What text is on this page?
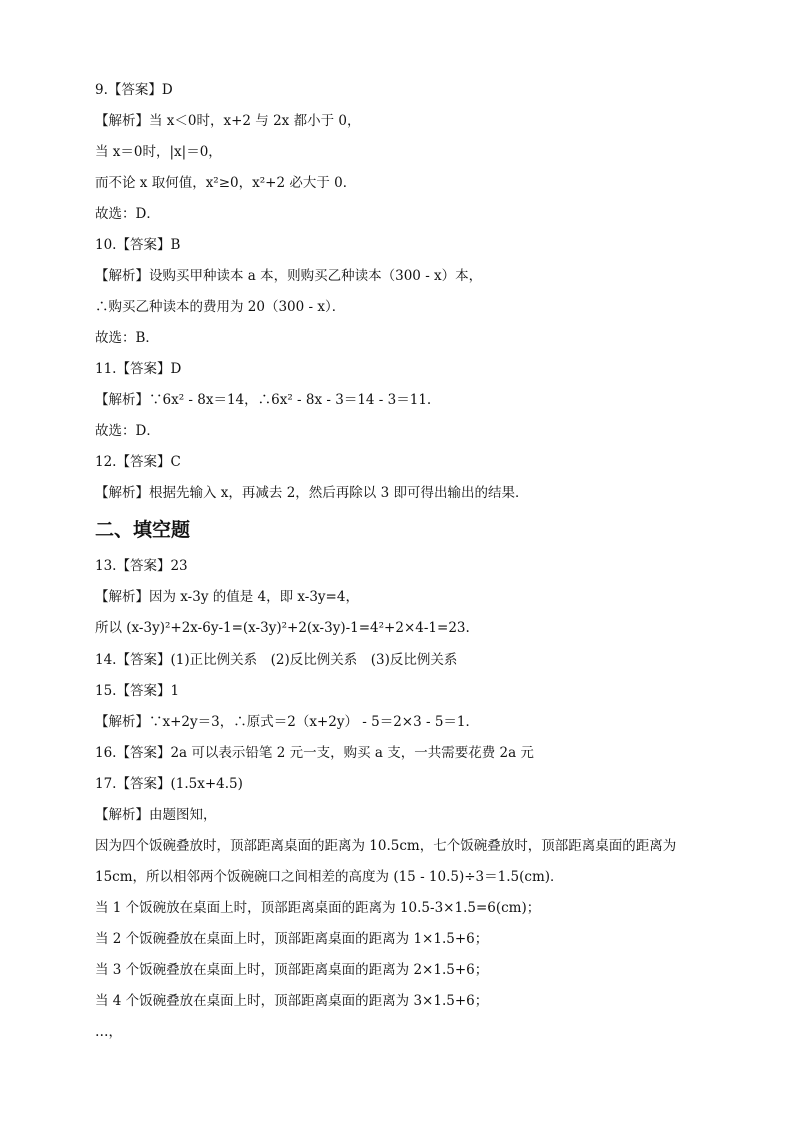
9.【答案】D
【解析】当 x＜0时，x+2 与 2x 都小于 0，
当 x＝0时，|x|＝0，
而不论 x 取何值，x²≥0，x²+2 必大于 0．
故选：D．
10.【答案】B
【解析】设购买甲种读本 a 本，则购买乙种读本（300 - x）本，
∴购买乙种读本的费用为 20（300 - x）．
故选：B．
11.【答案】D
【解析】∵6x² - 8x＝14，∴6x² - 8x - 3＝14 - 3＝11.
故选：D．
12.【答案】C
【解析】根据先输入 x，再减去 2，然后再除以 3 即可得出输出的结果．
二、填空题
13.【答案】23
【解析】因为 x-3y 的值是 4，即 x-3y=4，
所以 (x-3y)²+2x-6y-1=(x-3y)²+2(x-3y)-1=4²+2×4-1=23.
14.【答案】(1)正比例关系　(2)反比例关系　(3)反比例关系
15.【答案】1
【解析】∵x+2y＝3，∴原式＝2（x+2y） - 5＝2×3 - 5＝1．
16.【答案】2a 可以表示铅笔 2 元一支，购买 a 支，一共需要花费 2a 元
17.【答案】(1.5x+4.5)
【解析】由题图知，
因为四个饭碗叠放时，顶部距离桌面的距离为 10.5cm，七个饭碗叠放时，顶部距离桌面的距离为 15cm，所以相邻两个饭碗碗口之间相差的高度为 (15 - 10.5)÷3＝1.5(cm)．
当 1 个饭碗放在桌面上时，顶部距离桌面的距离为 10.5-3×1.5=6(cm)；
当 2 个饭碗叠放在桌面上时，顶部距离桌面的距离为 1×1.5+6；
当 3 个饭碗叠放在桌面上时，顶部距离桌面的距离为 2×1.5+6；
当 4 个饭碗叠放在桌面上时，顶部距离桌面的距离为 3×1.5+6；
…，
